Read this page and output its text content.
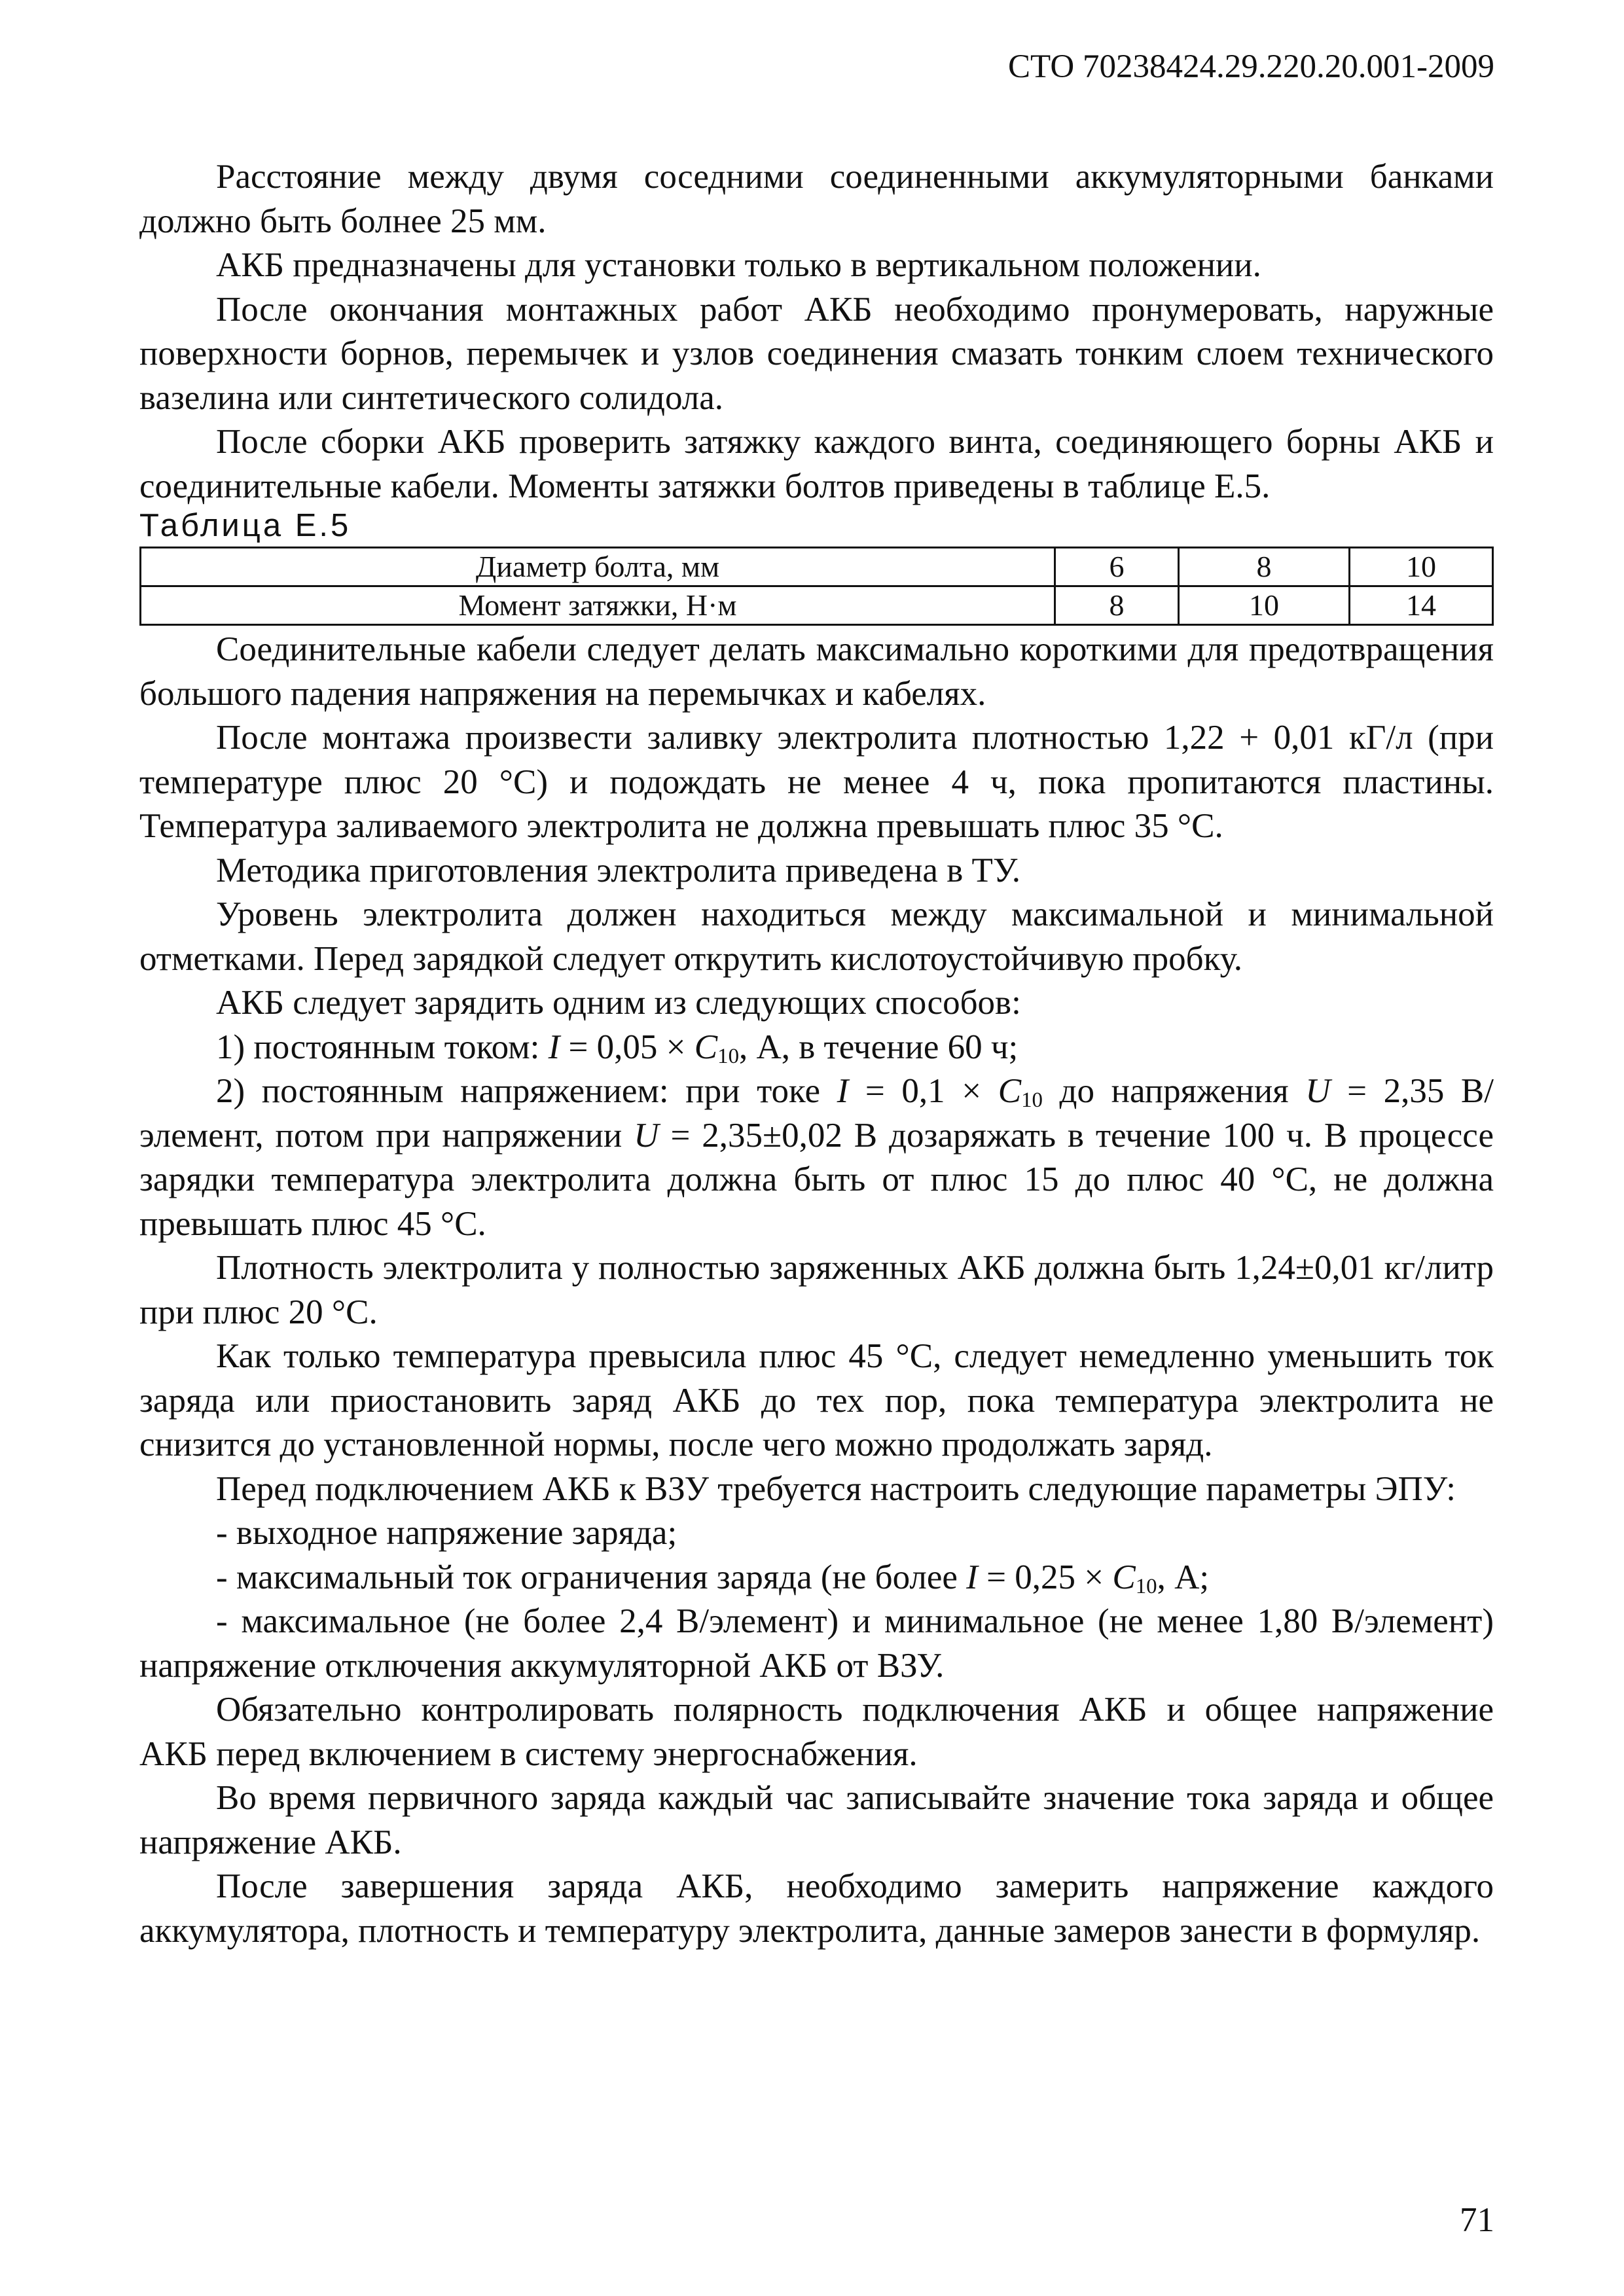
СТО 70238424.29.220.20.001-2009

Расстояние между двумя соседними соединенными аккумуляторными банками должно быть болнее 25 мм.

АКБ предназначены для установки только в вертикальном положении.

После окончания монтажных работ АКБ необходимо пронумеровать, наружные поверхности борнов, перемычек и узлов соединения смазать тонким слоем технического вазелина или синтетического солидола.

После сборки АКБ проверить затяжку каждого винта, соединяющего борны АКБ и соединительные кабели. Моменты затяжки болтов приведены в таблице Е.5.

Таблица Е.5

Диаметр болта, мм	6	8	10
Момент затяжки, Н·м	8	10	14

Соединительные кабели следует делать максимально короткими для предотвращения большого падения напряжения на перемычках и кабелях.

После монтажа произвести заливку электролита плотностью 1,22 + 0,01 кГ/л (при температуре плюс 20 °С) и подождать не менее 4 ч, пока пропитаются пластины. Температура заливаемого электролита не должна превышать плюс 35 °С.

Методика приготовления электролита приведена в ТУ.

Уровень электролита должен находиться между максимальной и минимальной отметками. Перед зарядкой следует открутить кислотоустойчивую пробку.

АКБ следует зарядить одним из следующих способов:

1) постоянным током: $I = 0,05 \times C_{10}$, А, в течение 60 ч;

2) постоянным напряжением: при токе $I = 0,1 \times C_{10}$ до напряжения U = 2,35 В/элемент, потом при напряжении U = 2,35±0,02 В дозаряжать в течение 100 ч. В процессе зарядки температура электролита должна быть от плюс 15 до плюс 40 °С, не должна превышать плюс 45 °С.

Плотность электролита у полностью заряженных АКБ должна быть 1,24±0,01 кг/литр при плюс 20 °С.

Как только температура превысила плюс 45 °С, следует немедленно уменьшить ток заряда или приостановить заряд АКБ до тех пор, пока температура электролита не снизится до установленной нормы, после чего можно продолжать заряд.

Перед подключением АКБ к ВЗУ требуется настроить следующие параметры ЭПУ:

- выходное напряжение заряда;

- максимальный ток ограничения заряда (не более $I = 0,25 \times C_{10}$, А;

- максимальное (не более 2,4 В/элемент) и минимальное (не менее 1,80 В/элемент) напряжение отключения аккумуляторной АКБ от ВЗУ.

Обязательно контролировать полярность подключения АКБ и общее напряжение АКБ перед включением в систему энергоснабжения.

Во время первичного заряда каждый час записывайте значение тока заряда и общее напряжение АКБ.

После завершения заряда АКБ, необходимо замерить напряжение каждого аккумулятора, плотность и температуру электролита, данные замеров занести в формуляр.

71
